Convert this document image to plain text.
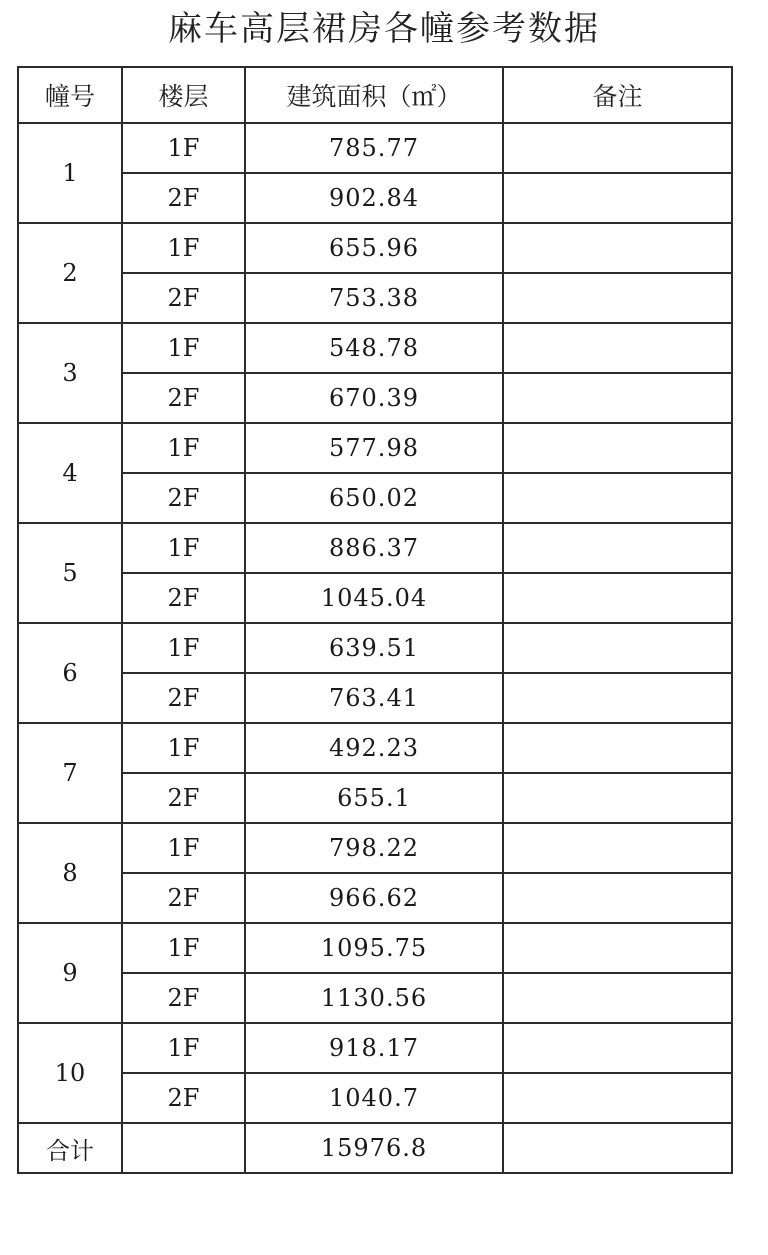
麻车高层裙房各幢参考数据
幢号	楼层	建筑面积（㎡）	备注
1	1F	785.77	
	2F	902.84	
2	1F	655.96	
	2F	753.38	
3	1F	548.78	
	2F	670.39	
4	1F	577.98	
	2F	650.02	
5	1F	886.37	
	2F	1045.04	
6	1F	639.51	
	2F	763.41	
7	1F	492.23	
	2F	655.1	
8	1F	798.22	
	2F	966.62	
9	1F	1095.75	
	2F	1130.56	
10	1F	918.17	
	2F	1040.7	
合计		15976.8	
